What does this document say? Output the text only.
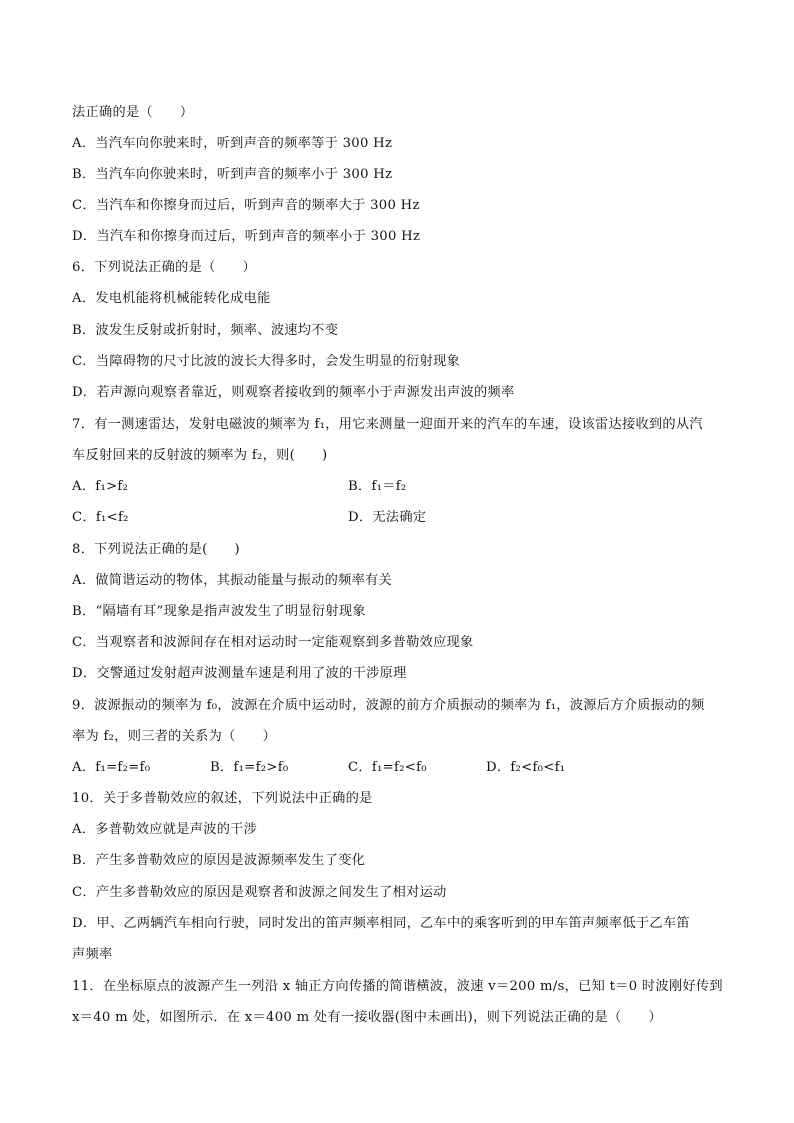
法正确的是（　　）
A．当汽车向你驶来时，听到声音的频率等于 300 Hz
B．当汽车向你驶来时，听到声音的频率小于 300 Hz
C．当汽车和你擦身而过后，听到声音的频率大于 300 Hz
D．当汽车和你擦身而过后，听到声音的频率小于 300 Hz
6．下列说法正确的是（　　）
A．发电机能将机械能转化成电能
B．波发生反射或折射时，频率、波速均不变
C．当障碍物的尺寸比波的波长大得多时，会发生明显的衍射现象
D．若声源向观察者靠近，则观察者接收到的频率小于声源发出声波的频率
7．有一测速雷达，发射电磁波的频率为 f₁，用它来测量一迎面开来的汽车的车速，设该雷达接收到的从汽
车反射回来的反射波的频率为 f₂，则(　　)
A．f₁>f₂	B．f₁＝f₂
C．f₁<f₂	D．无法确定
8．下列说法正确的是(　　)
A．做简谐运动的物体，其振动能量与振动的频率有关
B．“隔墙有耳”现象是指声波发生了明显衍射现象
C．当观察者和波源间存在相对运动时一定能观察到多普勒效应现象
D．交警通过发射超声波测量车速是利用了波的干涉原理
9．波源振动的频率为 f₀，波源在介质中运动时，波源的前方介质振动的频率为 f₁，波源后方介质振动的频
率为 f₂，则三者的关系为（　　）
A．f₁=f₂=f₀	B．f₁=f₂>f₀	C．f₁=f₂<f₀	D．f₂<f₀<f₁
10．关于多普勒效应的叙述，下列说法中正确的是
A．多普勒效应就是声波的干涉
B．产生多普勒效应的原因是波源频率发生了变化
C．产生多普勒效应的原因是观察者和波源之间发生了相对运动
D．甲、乙两辆汽车相向行驶，同时发出的笛声频率相同，乙车中的乘客听到的甲车笛声频率低于乙车笛
声频率
11．在坐标原点的波源产生一列沿 x 轴正方向传播的简谐横波，波速 v＝200 m/s，已知 t＝0 时波刚好传到
x＝40 m 处，如图所示．在 x＝400 m 处有一接收器(图中未画出)，则下列说法正确的是（　　）
